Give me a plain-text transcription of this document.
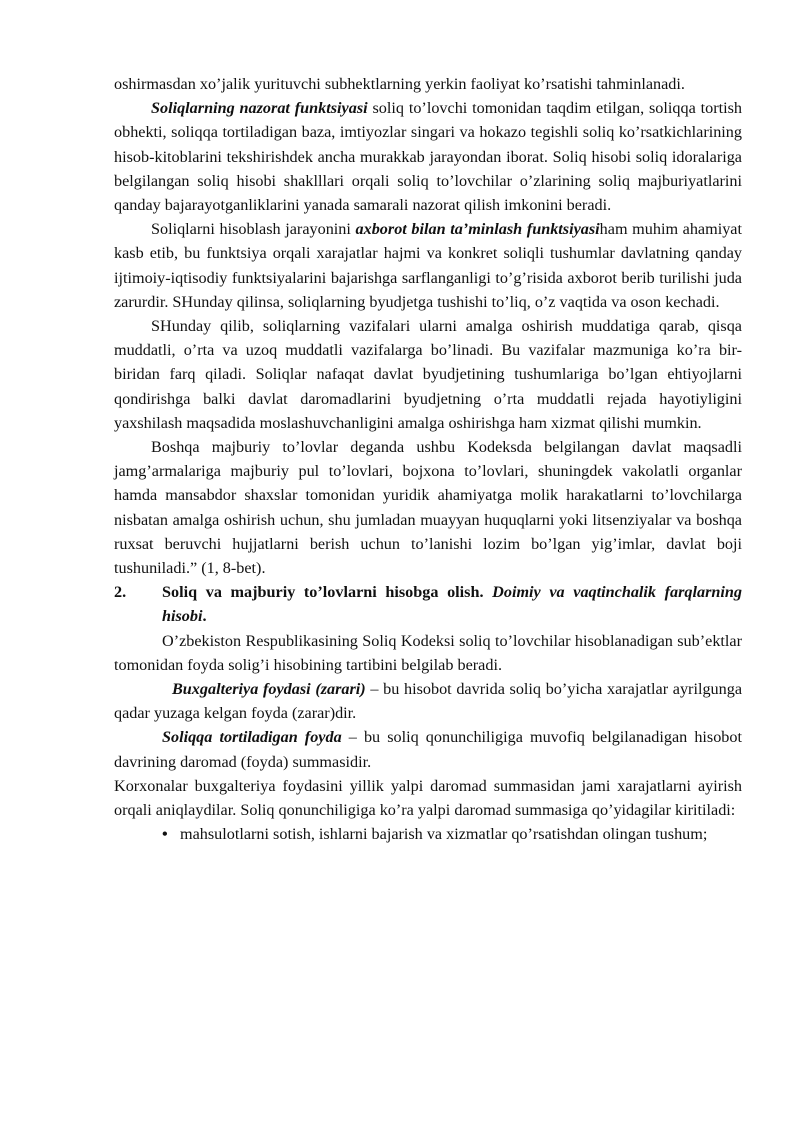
oshirmasdan xo’jalik yurituvchi subhektlarning yerkin faoliyat ko’rsatishi tahminlanadi.

Soliqlarning nazorat funktsiyasi soliq to’lovchi tomonidan taqdim etilgan, soliqqa tortish obhekti, soliqqa tortiladigan baza, imtiyozlar singari va hokazo tegishli soliq ko’rsatkichlarining hisob-kitoblarini tekshirishdek ancha murakkab jarayondan iborat. Soliq hisobi soliq idoralariga belgilangan soliq hisobi shaklllari orqali soliq to’lovchilar o’zlarining soliq majburiyatlarini qanday bajarayotganliklarini yanada samarali nazorat qilish imkonini beradi.

Soliqlarni hisoblash jarayonini axborot bilan ta’minlash funktsiyasiham muhim ahamiyat kasb etib, bu funktsiya orqali xarajatlar hajmi va konkret soliqli tushumlar davlatning qanday ijtimoiy-iqtisodiy funktsiyalarini bajarishga sarflanganligi to’g’risida axborot berib turilishi juda zarurdir. SHunday qilinsa, soliqlarning byudjetga tushishi to’liq, o’z vaqtida va oson kechadi.

SHunday qilib, soliqlarning vazifalari ularni amalga oshirish muddatiga qarab, qisqa muddatli, o’rta va uzoq muddatli vazifalarga bo’linadi. Bu vazifalar mazmuniga ko’ra bir-biridan farq qiladi. Soliqlar nafaqat davlat byudjetining tushumlariga bo’lgan ehtiyojlarni qondirishga balki davlat daromadlarini byudjetning o’rta muddatli rejada hayotiyligini yaxshilash maqsadida moslashuvchanligini amalga oshirishga ham xizmat qilishi mumkin.

Boshqa majburiy to’lovlar deganda ushbu Kodeksda belgilangan davlat maqsadli jamg’armalariga majburiy pul to’lovlari, bojxona to’lovlari, shuningdek vakolatli organlar hamda mansabdor shaxslar tomonidan yuridik ahamiyatga molik harakatlarni to’lovchilarga nisbatan amalga oshirish uchun, shu jumladan muayyan huquqlarni yoki litsenziyalar va boshqa ruxsat beruvchi hujjatlarni berish uchun to’lanishi lozim bo’lgan yig’imlar, davlat boji tushuniladi.” (1, 8-bet).

2.	Soliq va majburiy to’lovlarni hisobga olish. Doimiy va vaqtinchalik farqlarning hisobi.

O’zbekiston Respublikasining Soliq Kodeksi soliq to’lovchilar hisoblanadigan sub’ektlar tomonidan foyda solig’i hisobining tartibini belgilab beradi.

Buxgalteriya foydasi (zarari) – bu hisobot davrida soliq bo’yicha xarajatlar ayrilgunga qadar yuzaga kelgan foyda (zarar)dir.

Soliqqa tortiladigan foyda – bu soliq qonunchiligiga muvofiq belgilanadigan hisobot davrining daromad (foyda) summasidir.

Korxonalar buxgalteriya foydasini yillik yalpi daromad summasidan jami xarajatlarni ayirish orqali aniqlaydilar. Soliq qonunchiligiga ko’ra yalpi daromad summasiga qo’yidagilar kiritiladi:

• mahsulotlarni sotish, ishlarni bajarish va xizmatlar qo’rsatishdan olingan tushum;
